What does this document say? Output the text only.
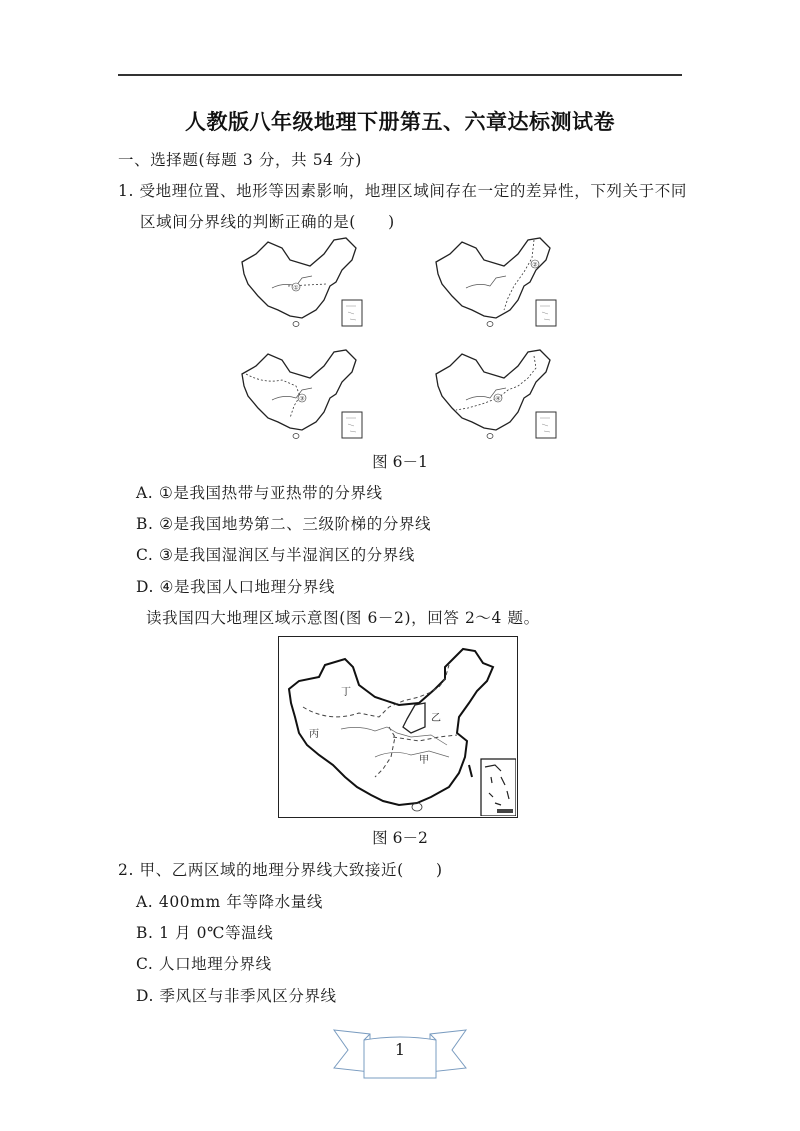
人教版八年级地理下册第五、六章达标测试卷
一、选择题(每题 3 分，共 54 分)
1. 受地理位置、地形等因素影响，地理区域间存在一定的差异性，下列关于不同
区域间分界线的判断正确的是(　　)
①
②
③	④
图 6－1
A. ①是我国热带与亚热带的分界线
B. ②是我国地势第二、三级阶梯的分界线
C. ③是我国湿润区与半湿润区的分界线
D. ④是我国人口地理分界线
读我国四大地理区域示意图(图 6－2)，回答 2～4 题。
丁
乙
丙
甲
图 6－2
2. 甲、乙两区域的地理分界线大致接近(　　)
A. 400mm 年等降水量线
B. 1 月 0℃等温线
C. 人口地理分界线
D. 季风区与非季风区分界线
1
